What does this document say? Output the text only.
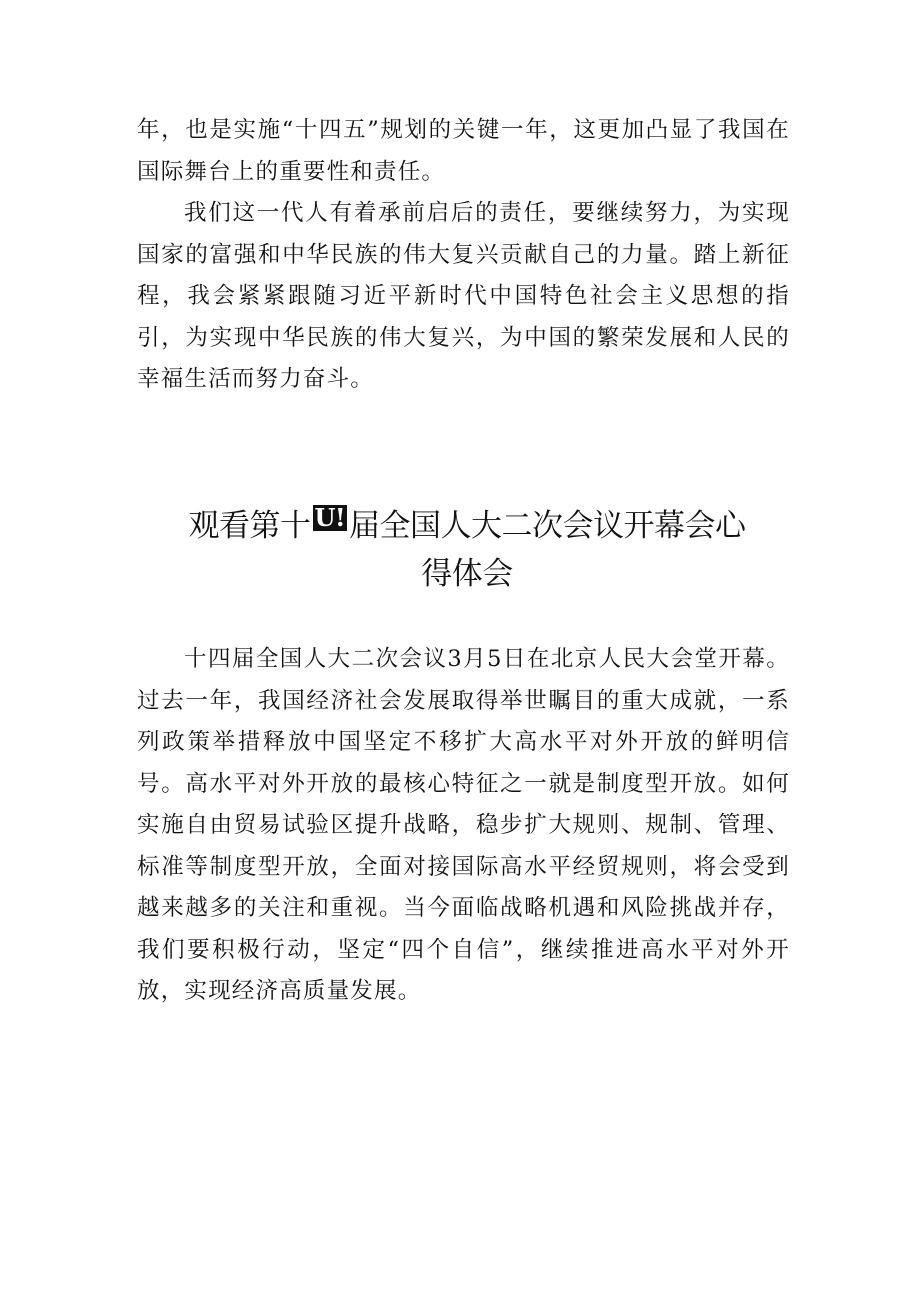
年，也是实施“十四五”规划的关键一年，这更加凸显了我国在国际舞台上的重要性和责任。

我们这一代人有着承前启后的责任，要继续努力，为实现国家的富强和中华民族的伟大复兴贡献自己的力量。踏上新征程，我会紧紧跟随习近平新时代中国特色社会主义思想的指引，为实现中华民族的伟大复兴，为中国的繁荣发展和人民的幸福生活而努力奋斗。

观看第十 U! 届全国人大二次会议开幕会心
得体会

十四届全国人大二次会议3月5日在北京人民大会堂开幕。过去一年，我国经济社会发展取得举世瞩目的重大成就，一系列政策举措释放中国坚定不移扩大高水平对外开放的鲜明信号。高水平对外开放的最核心特征之一就是制度型开放。如何实施自由贸易试验区提升战略，稳步扩大规则、规制、管理、标准等制度型开放，全面对接国际高水平经贸规则，将会受到越来越多的关注和重视。当今面临战略机遇和风险挑战并存，我们要积极行动，坚定“四个自信”，继续推进高水平对外开放，实现经济高质量发展。
